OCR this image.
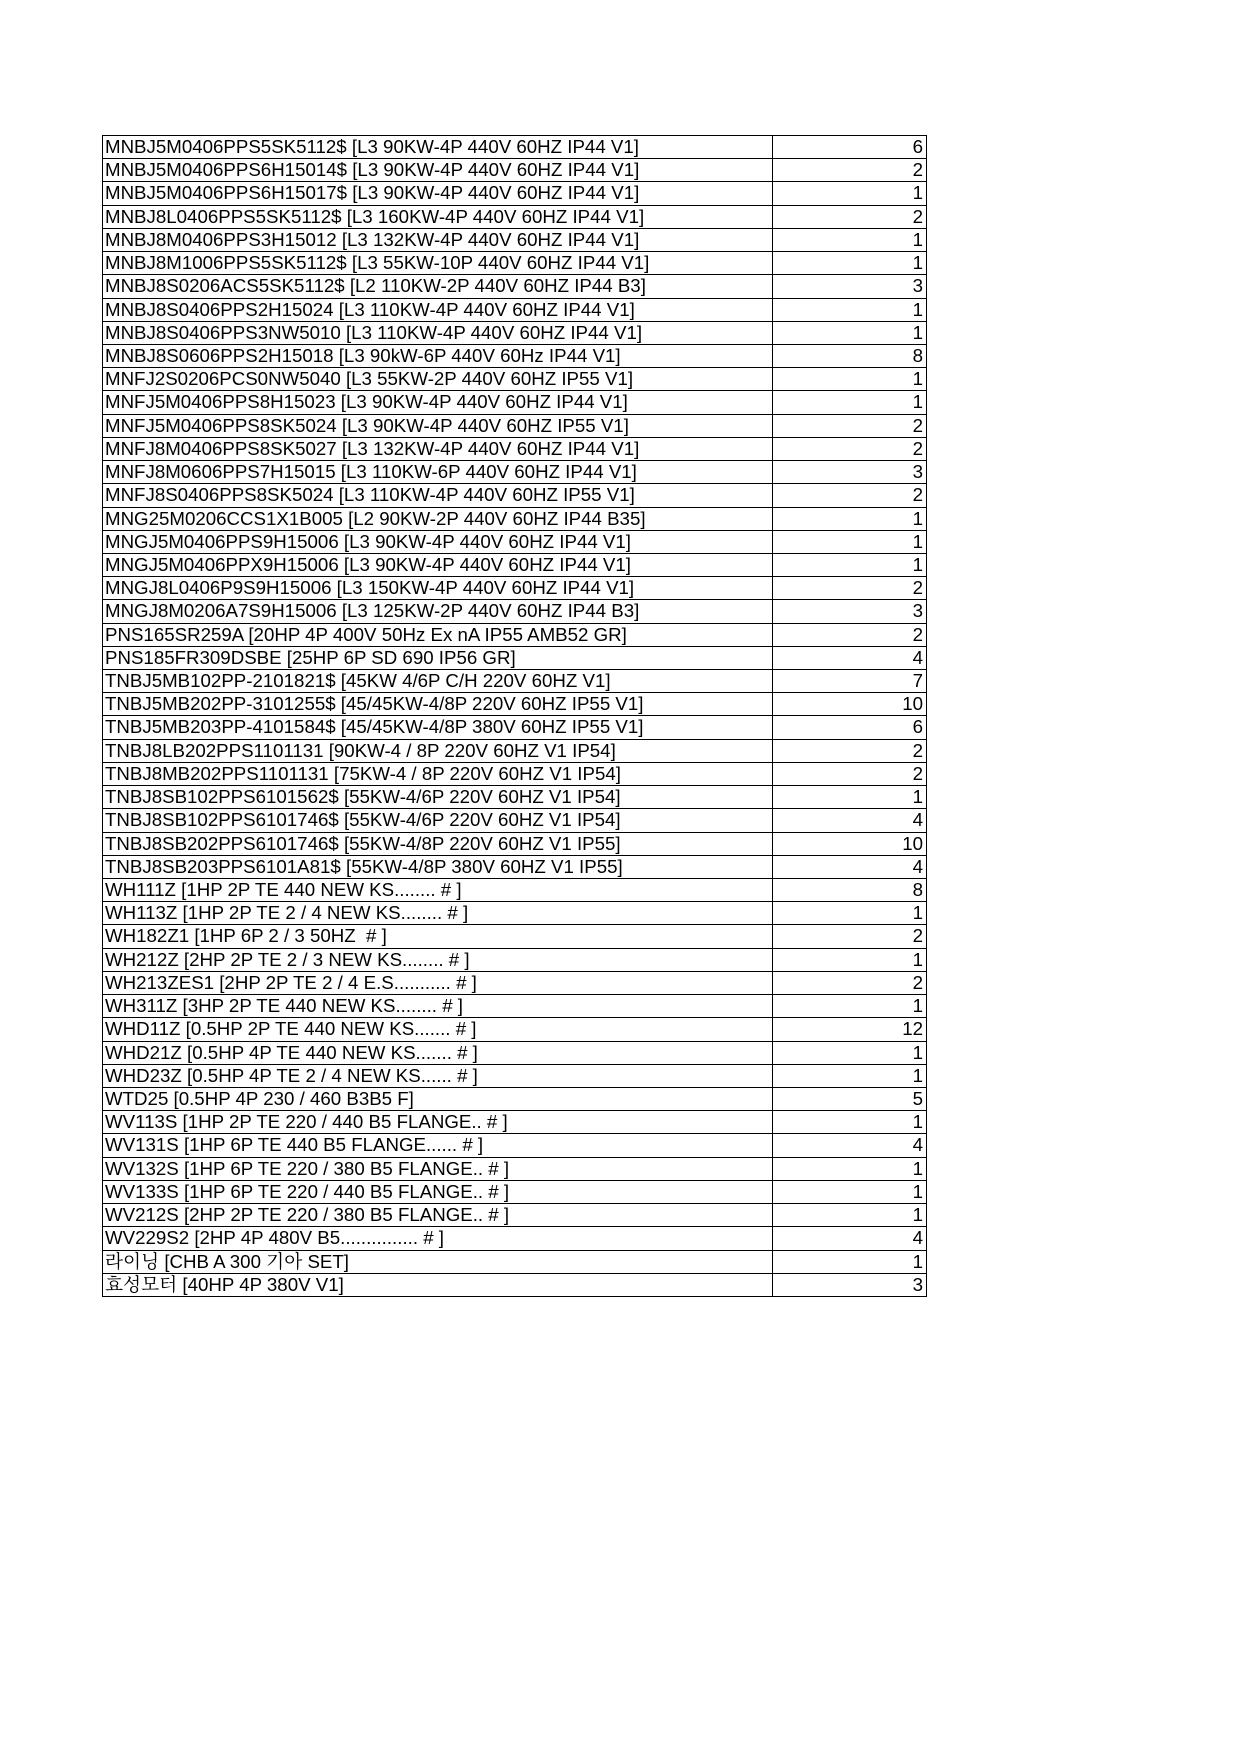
MNBJ5M0406PPS5SK5112$ [L3 90KW-4P 440V 60HZ IP44 V1]	6
MNBJ5M0406PPS6H15014$ [L3 90KW-4P 440V 60HZ IP44 V1]	2
MNBJ5M0406PPS6H15017$ [L3 90KW-4P 440V 60HZ IP44 V1]	1
MNBJ8L0406PPS5SK5112$ [L3 160KW-4P 440V 60HZ IP44 V1]	2
MNBJ8M0406PPS3H15012 [L3 132KW-4P 440V 60HZ IP44 V1]	1
MNBJ8M1006PPS5SK5112$ [L3 55KW-10P 440V 60HZ IP44 V1]	1
MNBJ8S0206ACS5SK5112$ [L2 110KW-2P 440V 60HZ IP44 B3]	3
MNBJ8S0406PPS2H15024 [L3 110KW-4P 440V 60HZ IP44 V1]	1
MNBJ8S0406PPS3NW5010 [L3 110KW-4P 440V 60HZ IP44 V1]	1
MNBJ8S0606PPS2H15018 [L3 90kW-6P 440V 60Hz IP44 V1]	8
MNFJ2S0206PCS0NW5040 [L3 55KW-2P 440V 60HZ IP55 V1]	1
MNFJ5M0406PPS8H15023 [L3 90KW-4P 440V 60HZ IP44 V1]	1
MNFJ5M0406PPS8SK5024 [L3 90KW-4P 440V 60HZ IP55 V1]	2
MNFJ8M0406PPS8SK5027 [L3 132KW-4P 440V 60HZ IP44 V1]	2
MNFJ8M0606PPS7H15015 [L3 110KW-6P 440V 60HZ IP44 V1]	3
MNFJ8S0406PPS8SK5024 [L3 110KW-4P 440V 60HZ IP55 V1]	2
MNG25M0206CCS1X1B005 [L2 90KW-2P 440V 60HZ IP44 B35]	1
MNGJ5M0406PPS9H15006 [L3 90KW-4P 440V 60HZ IP44 V1]	1
MNGJ5M0406PPX9H15006 [L3 90KW-4P 440V 60HZ IP44 V1]	1
MNGJ8L0406P9S9H15006 [L3 150KW-4P 440V 60HZ IP44 V1]	2
MNGJ8M0206A7S9H15006 [L3 125KW-2P 440V 60HZ IP44 B3]	3
PNS165SR259A [20HP 4P 400V 50Hz Ex nA IP55 AMB52 GR]	2
PNS185FR309DSBE [25HP 6P SD 690 IP56 GR]	4
TNBJ5MB102PP-2101821$ [45KW 4/6P C/H 220V 60HZ V1]	7
TNBJ5MB202PP-3101255$ [45/45KW-4/8P 220V 60HZ IP55 V1]	10
TNBJ5MB203PP-4101584$ [45/45KW-4/8P 380V 60HZ IP55 V1]	6
TNBJ8LB202PPS1101131 [90KW-4 / 8P 220V 60HZ V1 IP54]	2
TNBJ8MB202PPS1101131 [75KW-4 / 8P 220V 60HZ V1 IP54]	2
TNBJ8SB102PPS6101562$ [55KW-4/6P 220V 60HZ V1 IP54]	1
TNBJ8SB102PPS6101746$ [55KW-4/6P 220V 60HZ V1 IP54]	4
TNBJ8SB202PPS6101746$ [55KW-4/8P 220V 60HZ V1 IP55]	10
TNBJ8SB203PPS6101A81$ [55KW-4/8P 380V 60HZ V1 IP55]	4
WH111Z [1HP 2P TE 440 NEW KS........ # ]	8
WH113Z [1HP 2P TE 2 / 4 NEW KS........ # ]	1
WH182Z1 [1HP 6P 2 / 3 50HZ  # ]	2
WH212Z [2HP 2P TE 2 / 3 NEW KS........ # ]	1
WH213ZES1 [2HP 2P TE 2 / 4 E.S........... # ]	2
WH311Z [3HP 2P TE 440 NEW KS........ # ]	1
WHD11Z [0.5HP 2P TE 440 NEW KS....... # ]	12
WHD21Z [0.5HP 4P TE 440 NEW KS....... # ]	1
WHD23Z [0.5HP 4P TE 2 / 4 NEW KS...... # ]	1
WTD25 [0.5HP 4P 230 / 460 B3B5 F]	5
WV113S [1HP 2P TE 220 / 440 B5 FLANGE.. # ]	1
WV131S [1HP 6P TE 440 B5 FLANGE...... # ]	4
WV132S [1HP 6P TE 220 / 380 B5 FLANGE.. # ]	1
WV133S [1HP 6P TE 220 / 440 B5 FLANGE.. # ]	1
WV212S [2HP 2P TE 220 / 380 B5 FLANGE.. # ]	1
WV229S2 [2HP 4P 480V B5............... # ]	4
라이닝 [CHB A 300 기아 SET]	1
효성모터 [40HP 4P 380V V1]	3
